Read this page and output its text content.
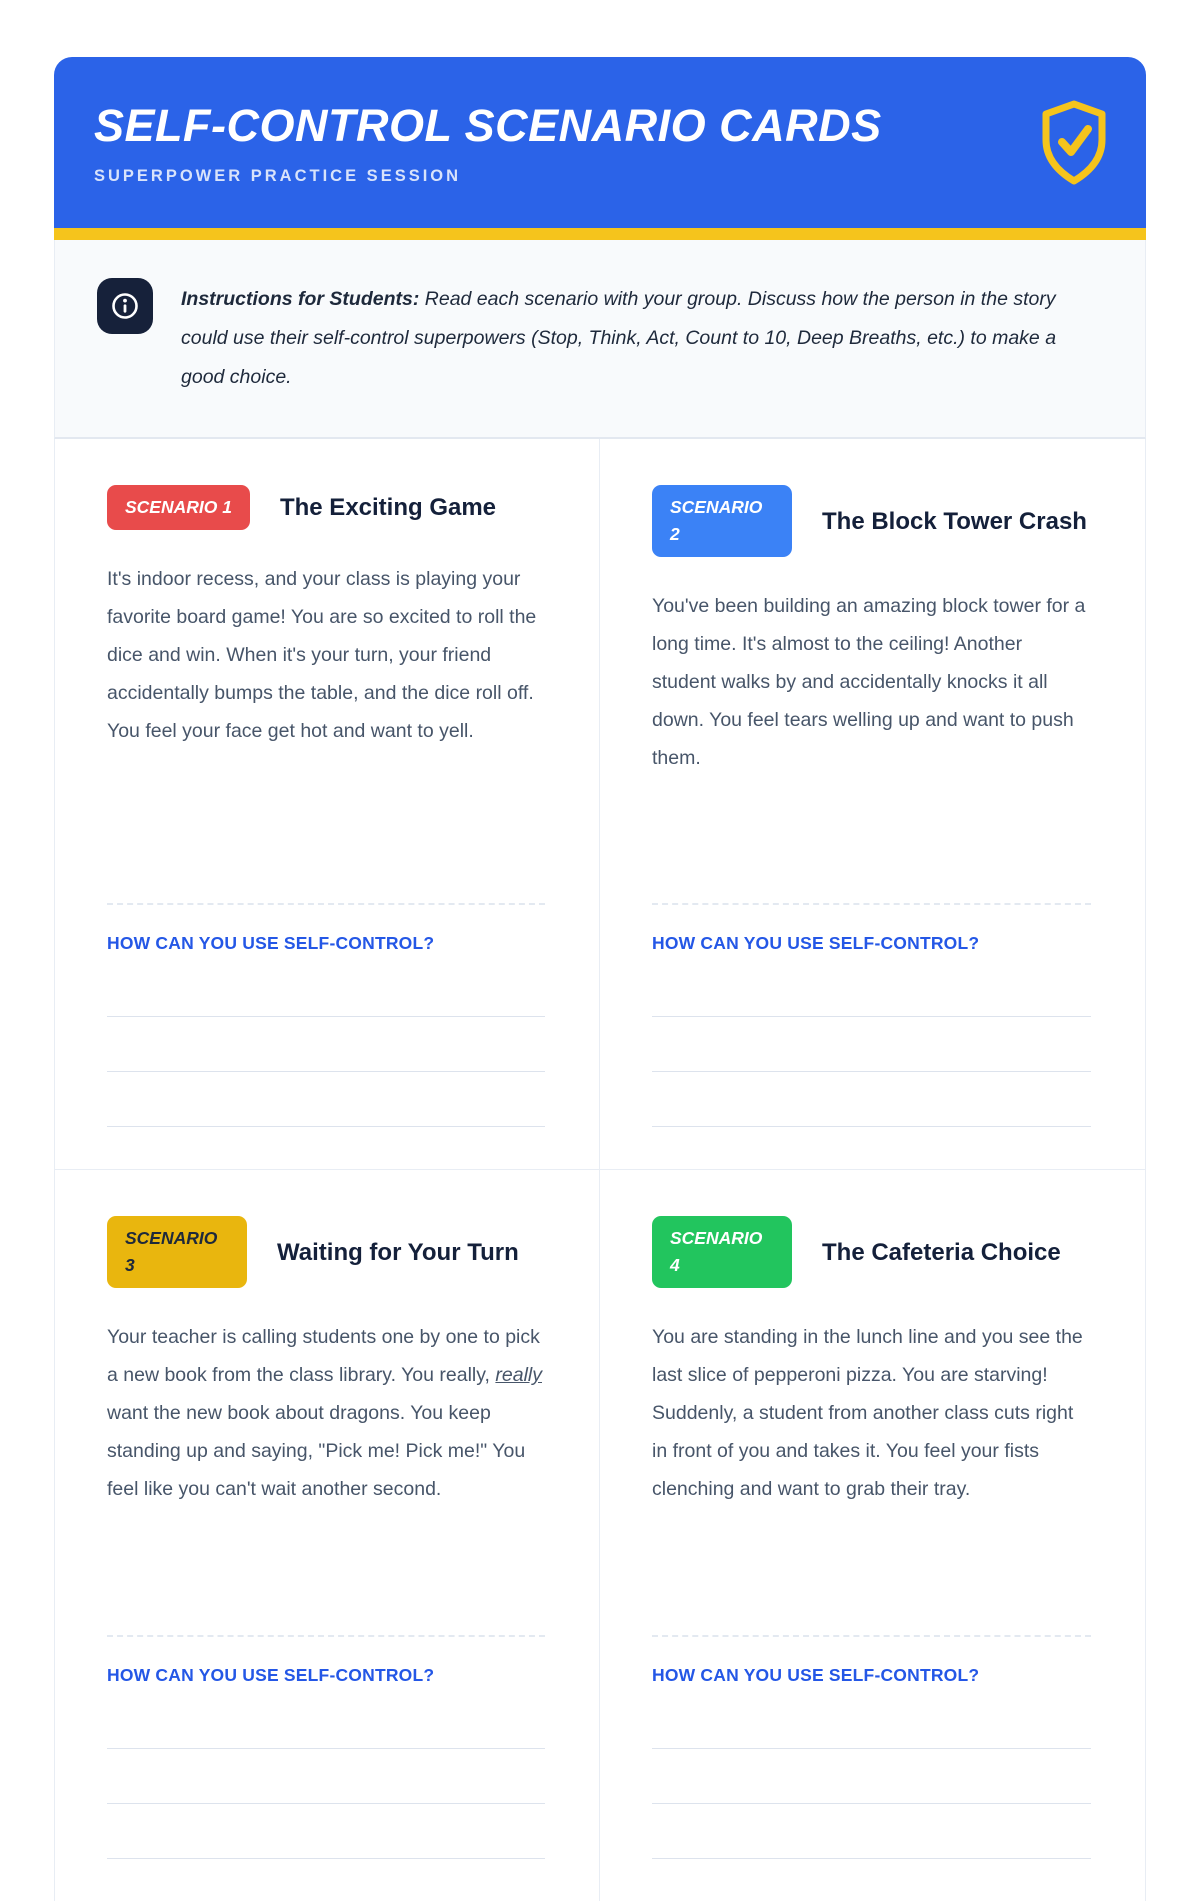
SELF-CONTROL SCENARIO CARDS
SUPERPOWER PRACTICE SESSION

Instructions for Students: Read each scenario with your group. Discuss how the person in the story could use their self-control superpowers (Stop, Think, Act, Count to 10, Deep Breaths, etc.) to make a good choice.

SCENARIO 1	The Exciting Game

It's indoor recess, and your class is playing your favorite board game! You are so excited to roll the dice and win. When it's your turn, your friend accidentally bumps the table, and the dice roll off. You feel your face get hot and want to yell.

HOW CAN YOU USE SELF-CONTROL?
SCENARIO 2	The Block Tower Crash

You've been building an amazing block tower for a long time. It's almost to the ceiling! Another student walks by and accidentally knocks it all down. You feel tears welling up and want to push them.

HOW CAN YOU USE SELF-CONTROL?
SCENARIO 3	Waiting for Your Turn

Your teacher is calling students one by one to pick a new book from the class library. You really, really want the new book about dragons. You keep standing up and saying, "Pick me! Pick me!" You feel like you can't wait another second.

HOW CAN YOU USE SELF-CONTROL?
SCENARIO 4	The Cafeteria Choice

You are standing in the lunch line and you see the last slice of pepperoni pizza. You are starving! Suddenly, a student from another class cuts right in front of you and takes it. You feel your fists clenching and want to grab their tray.

HOW CAN YOU USE SELF-CONTROL?
